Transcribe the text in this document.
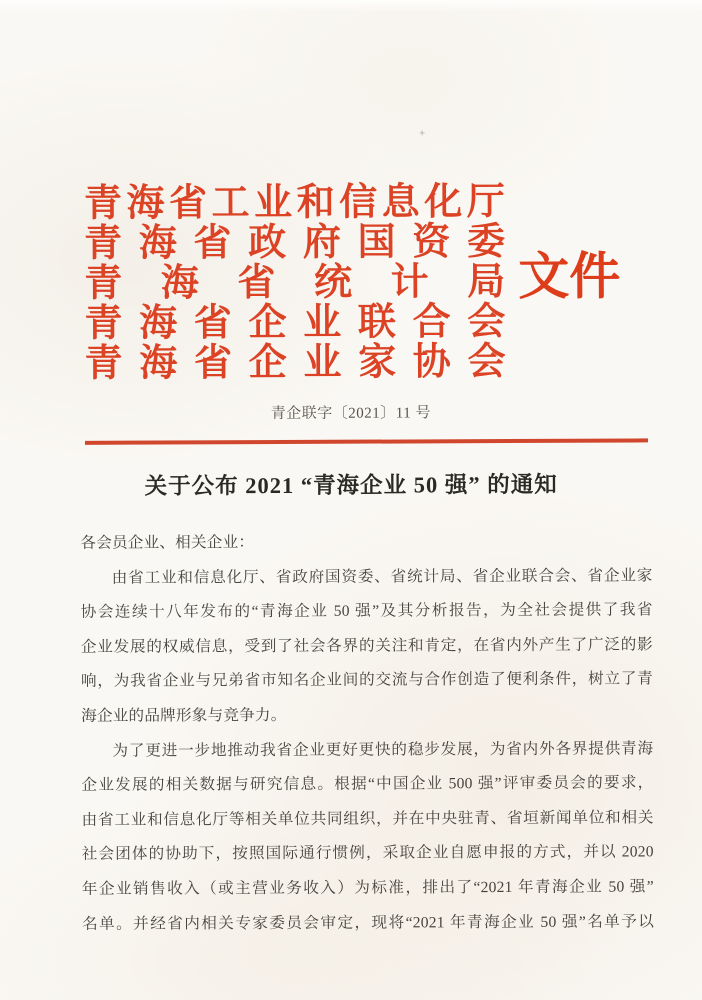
青 海 省 工 业 和 信 息 化 厅
青 海 省 政 府 国 资 委
青 海 省 统 计 局
青 海 省 企 业 联 合 会
青 海 省 企 业 家 协 会
文 件
青企联字〔2021〕11 号
关于公布 2021 “青海企业 50 强” 的通知
各会员企业、相关企业：
由省工业和信息化厅、省政府国资委、省统计局、省企业联合会、省企业家
协会连续十八年发布的“青海企业 50 强”及其分析报告，为全社会提供了我省
企业发展的权威信息，受到了社会各界的关注和肯定，在省内外产生了广泛的影
响，为我省企业与兄弟省市知名企业间的交流与合作创造了便利条件，树立了青
海企业的品牌形象与竞争力。
为了更进一步地推动我省企业更好更快的稳步发展，为省内外各界提供青海
企业发展的相关数据与研究信息。根据“中国企业 500 强”评审委员会的要求，
由省工业和信息化厅等相关单位共同组织，并在中央驻青、省垣新闻单位和相关
社会团体的协助下，按照国际通行惯例，采取企业自愿申报的方式，并以 2020
年企业销售收入（或主营业务收入）为标准，排出了“2021 年青海企业 50 强”
名单。并经省内相关专家委员会审定，现将“2021 年青海企业 50 强”名单予以
